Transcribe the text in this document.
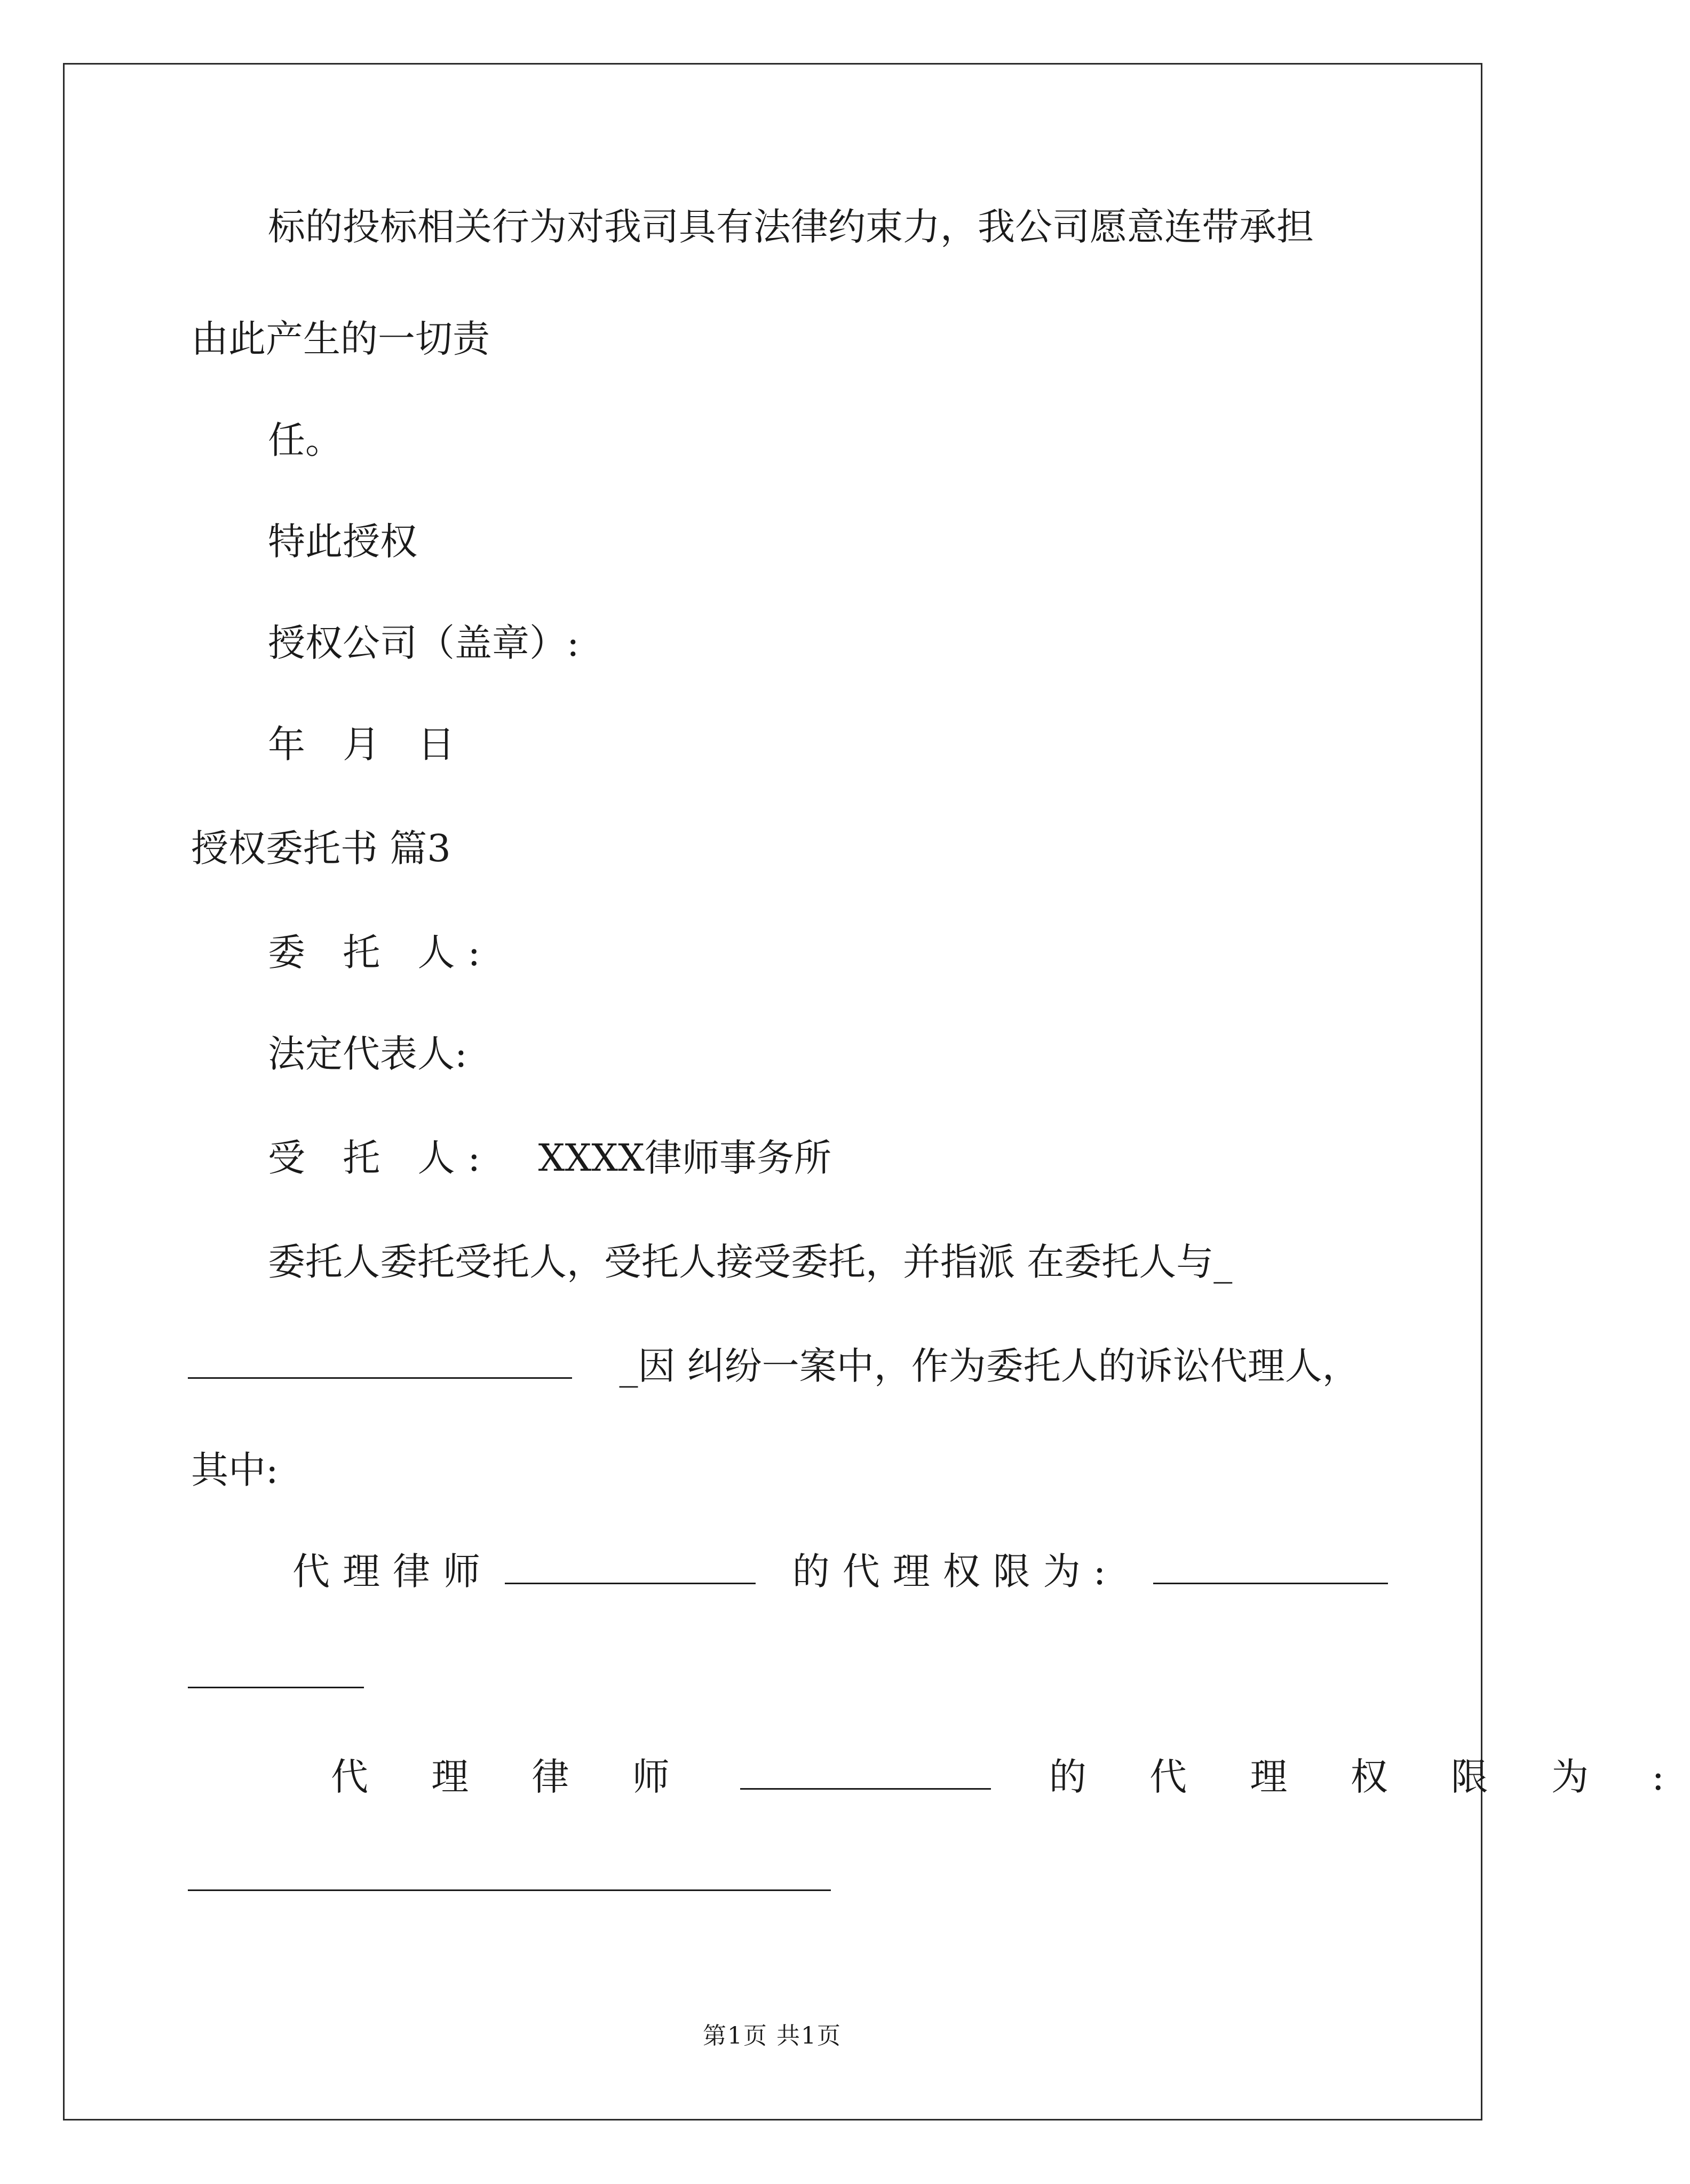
标的投标相关行为对我司具有法律约束力，我公司愿意连带承担
由此产生的一切责
任。
特此授权
授权公司（盖章）:
年 月 日
授权委托书 篇3
委 托 人:
法定代表人:
受 托 人: XXXX律师事务所
委托人委托受托人，受托人接受委托，并指派 在委托人与_
_因 纠纷一案中，作为委托人的诉讼代理人，
其中:
代理律师	的代理权限为:
代 理 律 师	的 代 理 权 限 为 :
第1页 共1页
